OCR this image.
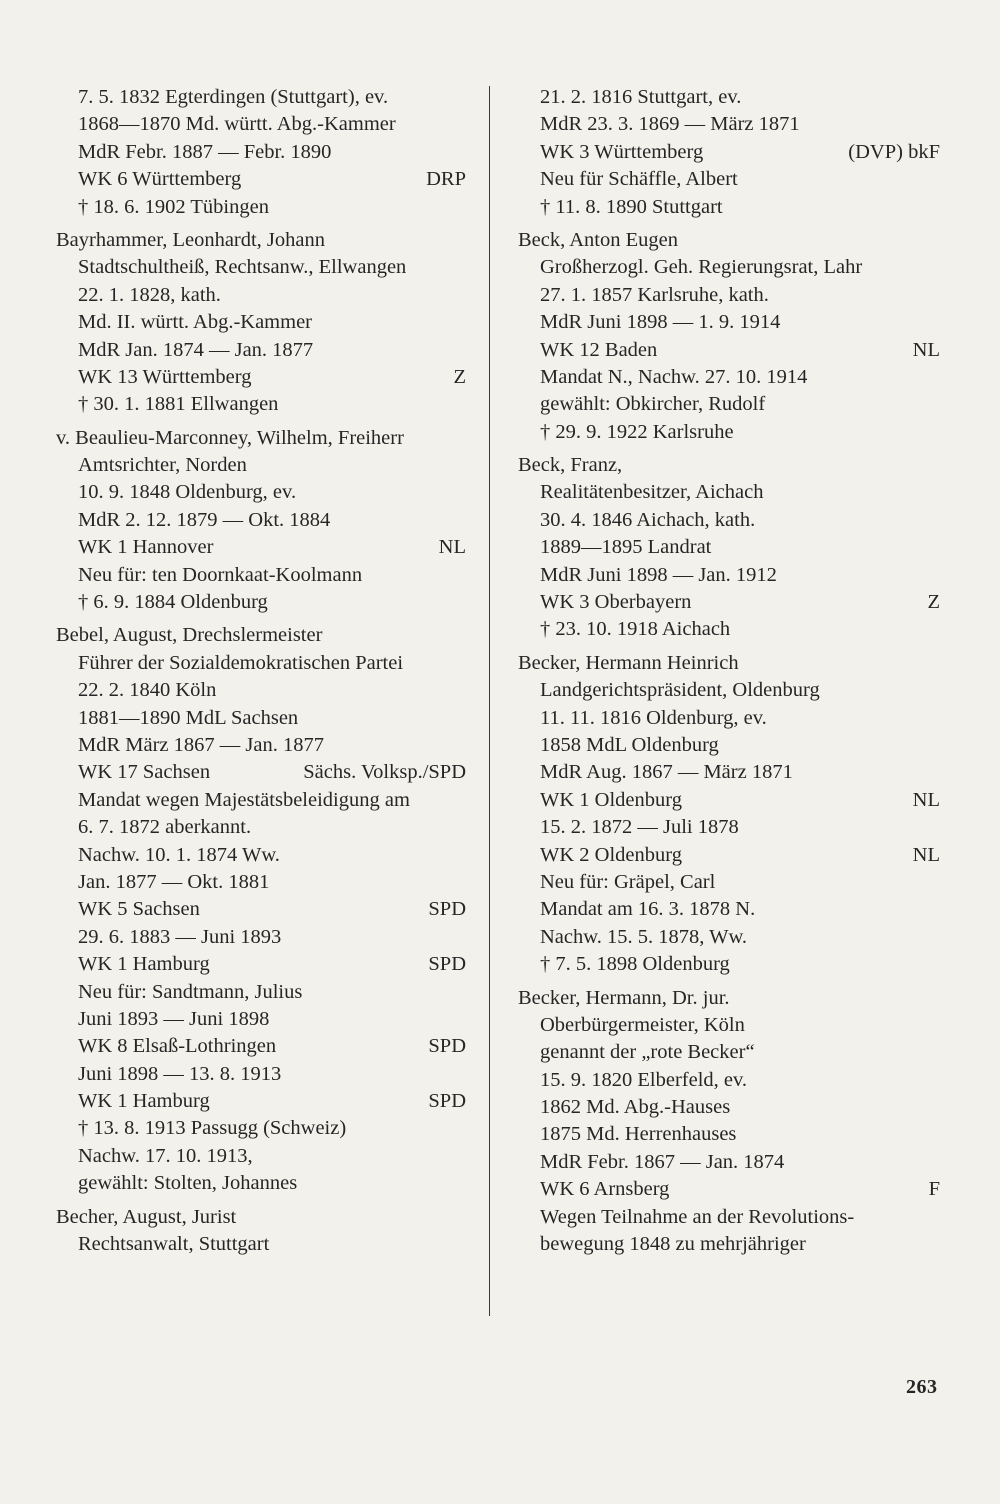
7. 5. 1832 Egterdingen (Stuttgart), ev.
1868—1870 Md. württ. Abg.-Kammer
MdR Febr. 1887 — Febr. 1890
WK 6 Württemberg	DRP
† 18. 6. 1902 Tübingen
Bayrhammer, Leonhardt, Johann
Stadtschultheiß, Rechtsanw., Ellwangen
22. 1. 1828, kath.
Md. II. württ. Abg.-Kammer
MdR Jan. 1874 — Jan. 1877
WK 13 Württemberg	Z
† 30. 1. 1881 Ellwangen
v. Beaulieu-Marconney, Wilhelm, Freiherr
Amtsrichter, Norden
10. 9. 1848 Oldenburg, ev.
MdR 2. 12. 1879 — Okt. 1884
WK 1 Hannover	NL
Neu für: ten Doornkaat-Koolmann
† 6. 9. 1884 Oldenburg
Bebel, August, Drechslermeister
Führer der Sozialdemokratischen Partei
22. 2. 1840 Köln
1881—1890 MdL Sachsen
MdR März 1867 — Jan. 1877
WK 17 Sachsen	Sächs. Volksp./SPD
Mandat wegen Majestätsbeleidigung am
6. 7. 1872 aberkannt.
Nachw. 10. 1. 1874 Ww.
Jan. 1877 — Okt. 1881
WK 5 Sachsen	SPD
29. 6. 1883 — Juni 1893
WK 1 Hamburg	SPD
Neu für: Sandtmann, Julius
Juni 1893 — Juni 1898
WK 8 Elsaß-Lothringen	SPD
Juni 1898 — 13. 8. 1913
WK 1 Hamburg	SPD
† 13. 8. 1913 Passugg (Schweiz)
Nachw. 17. 10. 1913,
gewählt: Stolten, Johannes
Becher, August, Jurist
Rechtsanwalt, Stuttgart
21. 2. 1816 Stuttgart, ev.
MdR 23. 3. 1869 — März 1871
WK 3 Württemberg	(DVP) bkF
Neu für Schäffle, Albert
† 11. 8. 1890 Stuttgart
Beck, Anton Eugen
Großherzogl. Geh. Regierungsrat, Lahr
27. 1. 1857 Karlsruhe, kath.
MdR Juni 1898 — 1. 9. 1914
WK 12 Baden	NL
Mandat N., Nachw. 27. 10. 1914
gewählt: Obkircher, Rudolf
† 29. 9. 1922 Karlsruhe
Beck, Franz,
Realitätenbesitzer, Aichach
30. 4. 1846 Aichach, kath.
1889—1895 Landrat
MdR Juni 1898 — Jan. 1912
WK 3 Oberbayern	Z
† 23. 10. 1918 Aichach
Becker, Hermann Heinrich
Landgerichtspräsident, Oldenburg
11. 11. 1816 Oldenburg, ev.
1858 MdL Oldenburg
MdR Aug. 1867 — März 1871
WK 1 Oldenburg	NL
15. 2. 1872 — Juli 1878
WK 2 Oldenburg	NL
Neu für: Gräpel, Carl
Mandat am 16. 3. 1878 N.
Nachw. 15. 5. 1878, Ww.
† 7. 5. 1898 Oldenburg
Becker, Hermann, Dr. jur.
Oberbürgermeister, Köln
genannt der „rote Becker“
15. 9. 1820 Elberfeld, ev.
1862 Md. Abg.-Hauses
1875 Md. Herrenhauses
MdR Febr. 1867 — Jan. 1874
WK 6 Arnsberg	F
Wegen Teilnahme an der Revolutions-
bewegung 1848 zu mehrjähriger
263
